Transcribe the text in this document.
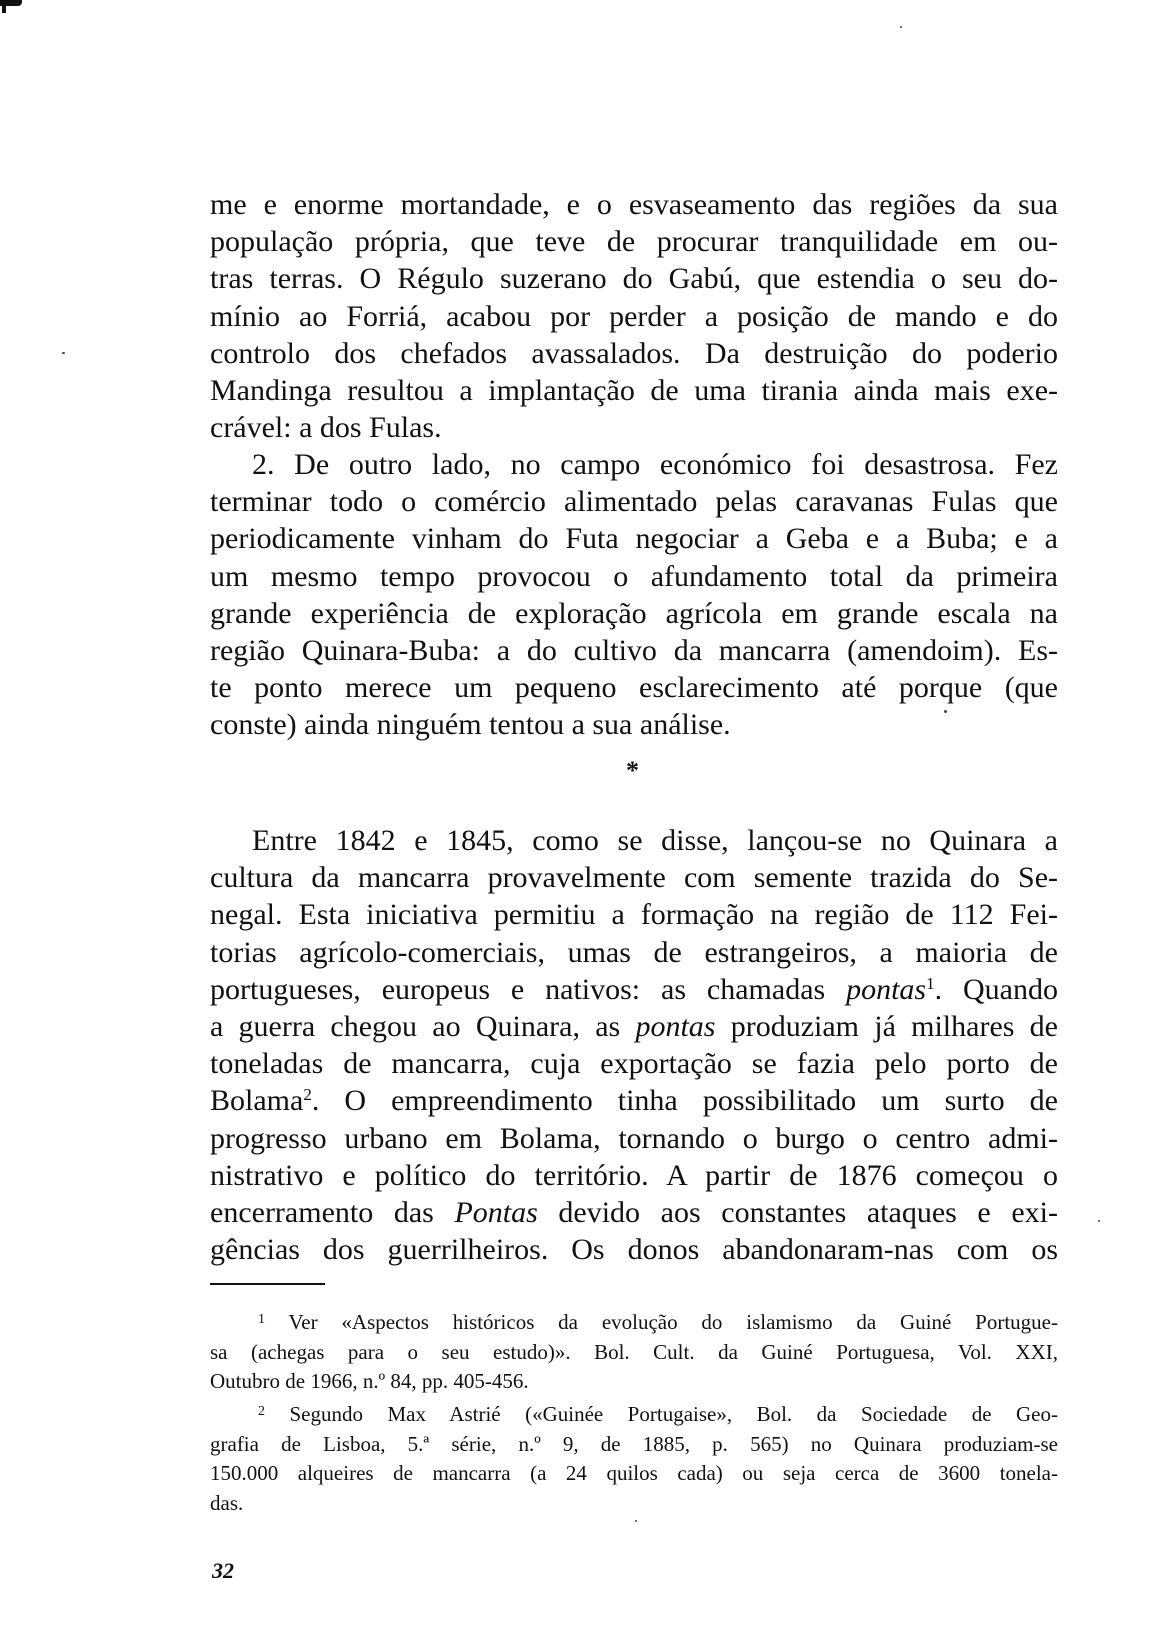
me e enorme mortandade, e o esvaseamento das regiões da sua
população própria, que teve de procurar tranquilidade em ou-
tras terras. O Régulo suzerano do Gabú, que estendia o seu do-
mínio ao Forriá, acabou por perder a posição de mando e do
controlo dos chefados avassalados. Da destruição do poderio
Mandinga resultou a implantação de uma tirania ainda mais exe-
crável: a dos Fulas.

2. De outro lado, no campo económico foi desastrosa. Fez
terminar todo o comércio alimentado pelas caravanas Fulas que
periodicamente vinham do Futa negociar a Geba e a Buba; e a
um mesmo tempo provocou o afundamento total da primeira
grande experiência de exploração agrícola em grande escala na
região Quinara-Buba: a do cultivo da mancarra (amendoim). Es-
te ponto merece um pequeno esclarecimento até porque (que
conste) ainda ninguém tentou a sua análise.

*

Entre 1842 e 1845, como se disse, lançou-se no Quinara a
cultura da mancarra provavelmente com semente trazida do Se-
negal. Esta iniciativa permitiu a formação na região de 112 Fei-
torias agrícolo-comerciais, umas de estrangeiros, a maioria de
portugueses, europeus e nativos: as chamadas pontas$^1$. Quando
a guerra chegou ao Quinara, as pontas produziam já milhares de
toneladas de mancarra, cuja exportação se fazia pelo porto de
Bolama$^2$. O empreendimento tinha possibilitado um surto de
progresso urbano em Bolama, tornando o burgo o centro admi-
nistrativo e político do território. A partir de 1876 começou o
encerramento das Pontas devido aos constantes ataques e exi-
gências dos guerrilheiros. Os donos abandonaram-nas com os

$^1$ Ver «Aspectos históricos da evolução do islamismo da Guiné Portugue-
sa (achegas para o seu estudo)». Bol. Cult. da Guiné Portuguesa, Vol. XXI,
Outubro de 1966, n.º 84, pp. 405-456.

$^2$ Segundo Max Astrié («Guinée Portugaise», Bol. da Sociedade de Geo-
grafia de Lisboa, 5.ª série, n.º 9, de 1885, p. 565) no Quinara produziam-se
150.000 alqueires de mancarra (a 24 quilos cada) ou seja cerca de 3600 tonela-
das.

32
